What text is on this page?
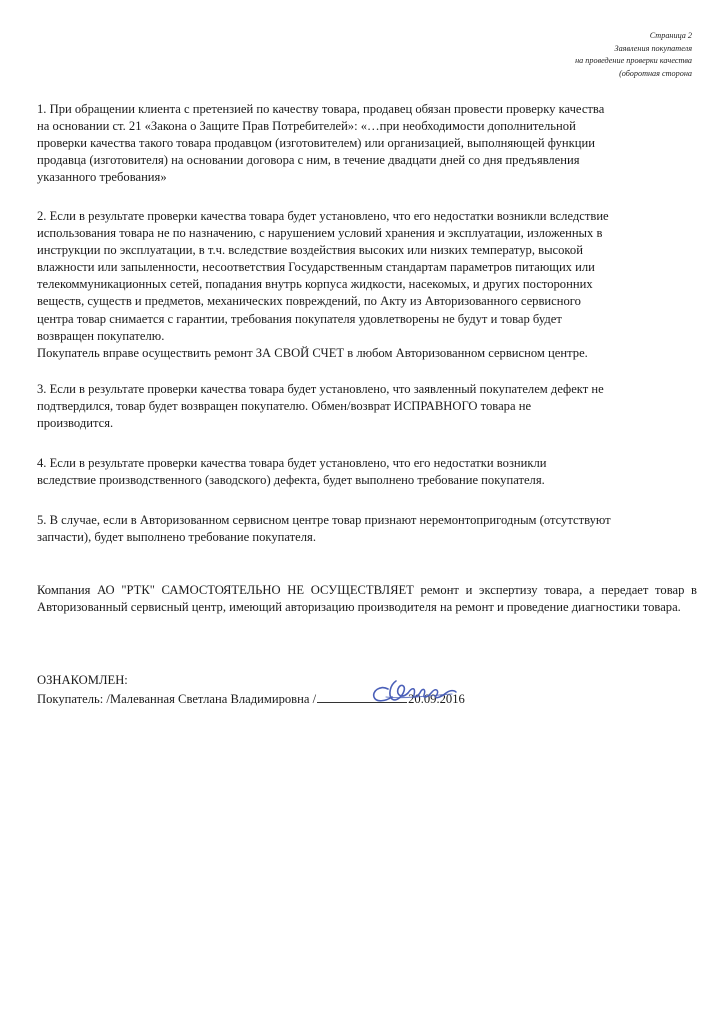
Страница 2
Заявления покупателя
на проведение проверки качества
(оборотная сторона
1. При обращении клиента с претензией по качеству товара, продавец обязан провести проверку качества
на основании ст. 21 «Закона о Защите Прав Потребителей»: «…при необходимости дополнительной
проверки качества такого товара продавцом (изготовителем) или организацией, выполняющей функции
продавца (изготовителя) на основании договора с ним, в течение двадцати дней со дня предъявления
указанного требования»
2. Если в результате проверки качества товара будет установлено, что его недостатки возникли вследствие
использования товара не по назначению, с нарушением условий хранения и эксплуатации, изложенных в
инструкции по эксплуатации, в т.ч. вследствие воздействия высоких или низких температур, высокой
влажности или запыленности, несоответствия Государственным стандартам параметров питающих или
телекоммуникационных сетей, попадания внутрь корпуса жидкости, насекомых, и других посторонних
веществ, существ и предметов, механических повреждений, по Акту из Авторизованного сервисного
центра товар снимается с гарантии, требования покупателя удовлетворены не будут и товар будет
возвращен покупателю.
Покупатель вправе осуществить ремонт ЗА СВОЙ СЧЕТ в любом Авторизованном сервисном центре.
3. Если в результате проверки качества товара будет установлено, что заявленный покупателем дефект не
подтвердился, товар будет возвращен покупателю. Обмен/возврат ИСПРАВНОГО товара не
производится.
4. Если в результате проверки качества товара будет установлено, что его недостатки возникли
вследствие производственного (заводского) дефекта, будет выполнено требование покупателя.
5. В случае, если в Авторизованном сервисном центре товар признают неремонтопригодным (отсутствуют
запчасти), будет выполнено требование покупателя.

Компания АО "РТК" САМОСТОЯТЕЛЬНО НЕ ОСУЩЕСТВЛЯЕТ ремонт и экспертизу товара, а передает товар в Авторизованный сервисный центр, имеющий авторизацию производителя на ремонт и проведение диагностики товара.

ОЗНАКОМЛЕН:
Покупатель: /Малеванная Светлана Владимировна /	20.09.2016
